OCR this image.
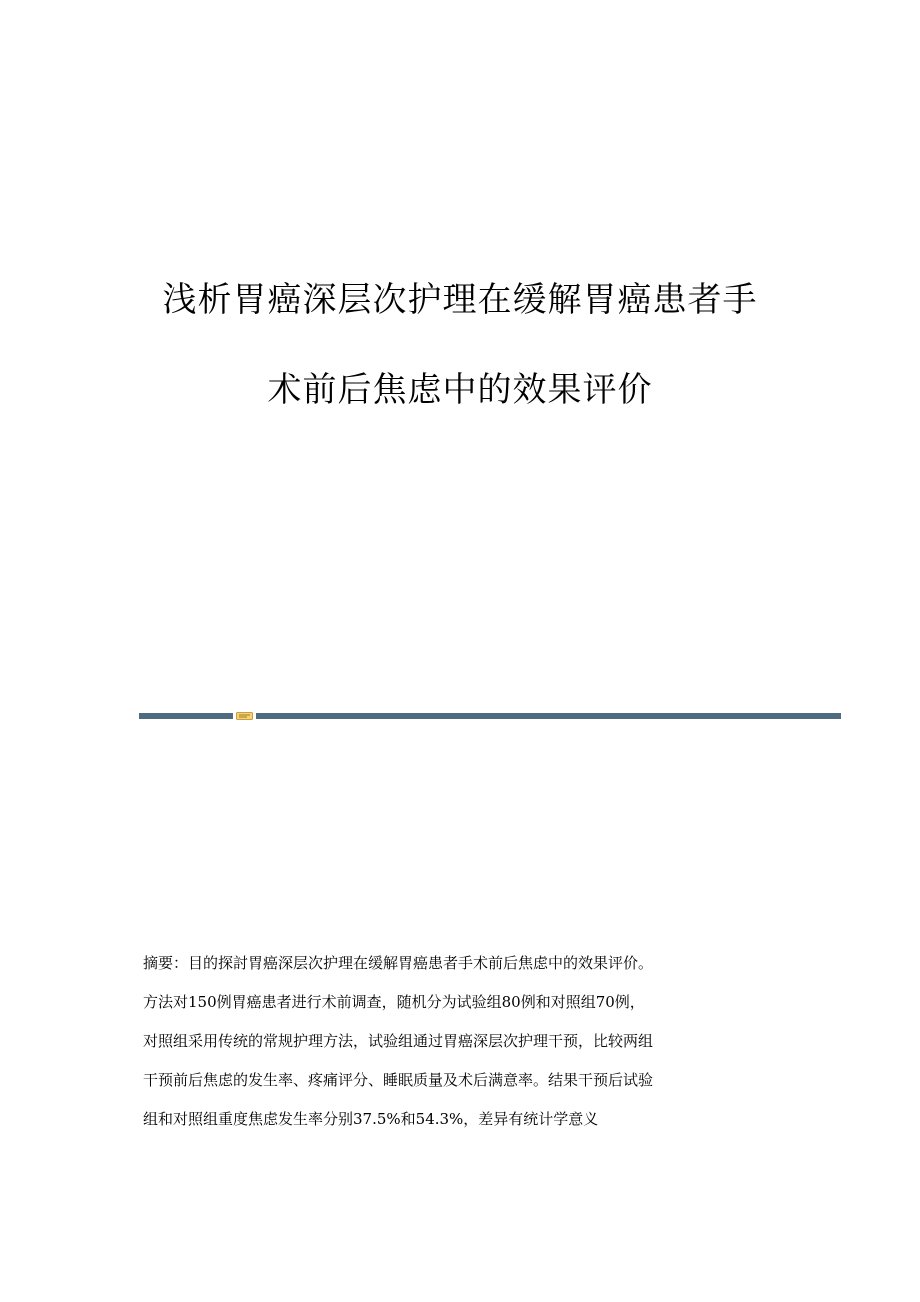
浅析胃癌深层次护理在缓解胃癌患者手
术前后焦虑中的效果评价
摘要：目的探討胃癌深层次护理在缓解胃癌患者手术前后焦虑中的效果评价。
方法对150例胃癌患者进行术前调查，随机分为试验组80例和对照组70例，
对照组采用传统的常规护理方法，试验组通过胃癌深层次护理干预，比较两组
干预前后焦虑的发生率、疼痛评分、睡眠质量及术后满意率。结果干预后试验
组和对照组重度焦虑发生率分别37.5%和54.3%，差异有统计学意义
